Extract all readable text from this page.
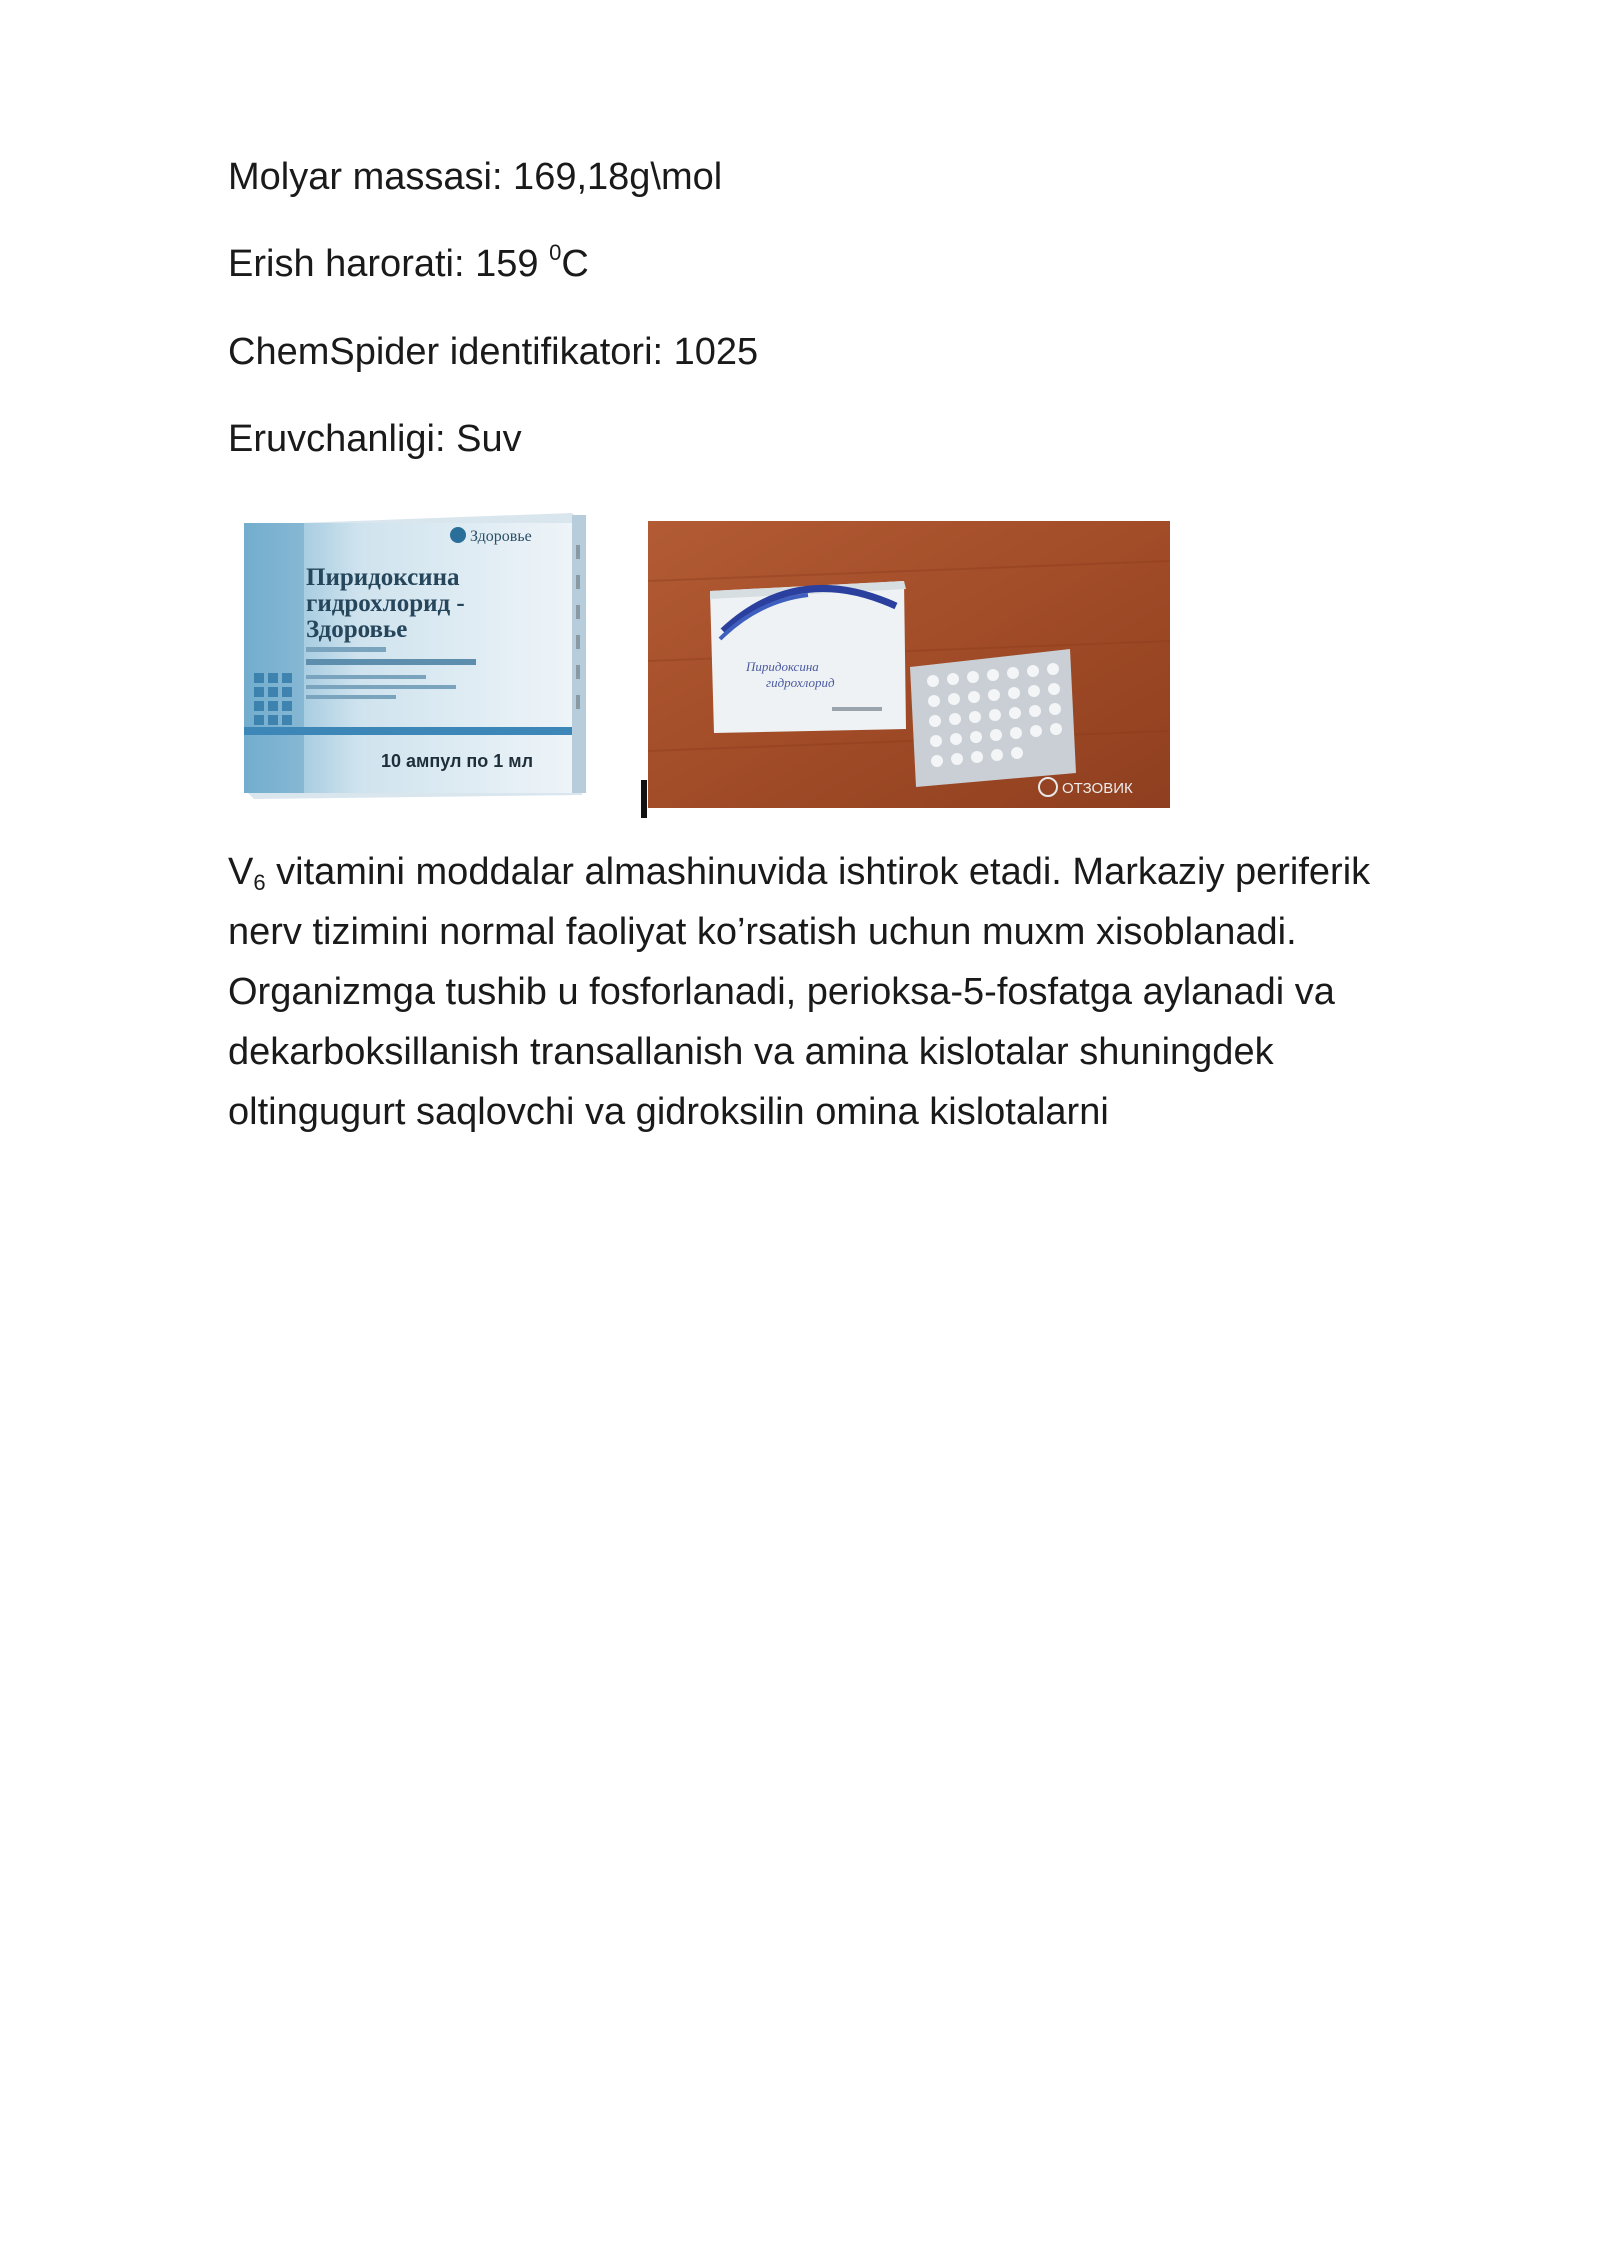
Molyar massasi: 169,18g\mol
Erish harorati: 159 $^0$C
ChemSpider identifikatori: 1025
Eruvchanligi: Suv
Здоровье
Пиридоксина
гидрохлорид -
Здоровье
10 ампул по 1 мл
Пиридоксина
гидрохлорид
ОТЗОВИК
$V_6$ vitamini moddalar almashinuvida ishtirok etadi. Markaziy periferik
nerv tizimini normal faoliyat ko’rsatish uchun muxm xisoblanadi.
Organizmga tushib u fosforlanadi, perioksa-5-fosfatga aylanadi va
dekarboksillanish transallanish va amina kislotalar shuningdek
oltingugurt saqlovchi va gidroksilin omina kislotalarni
